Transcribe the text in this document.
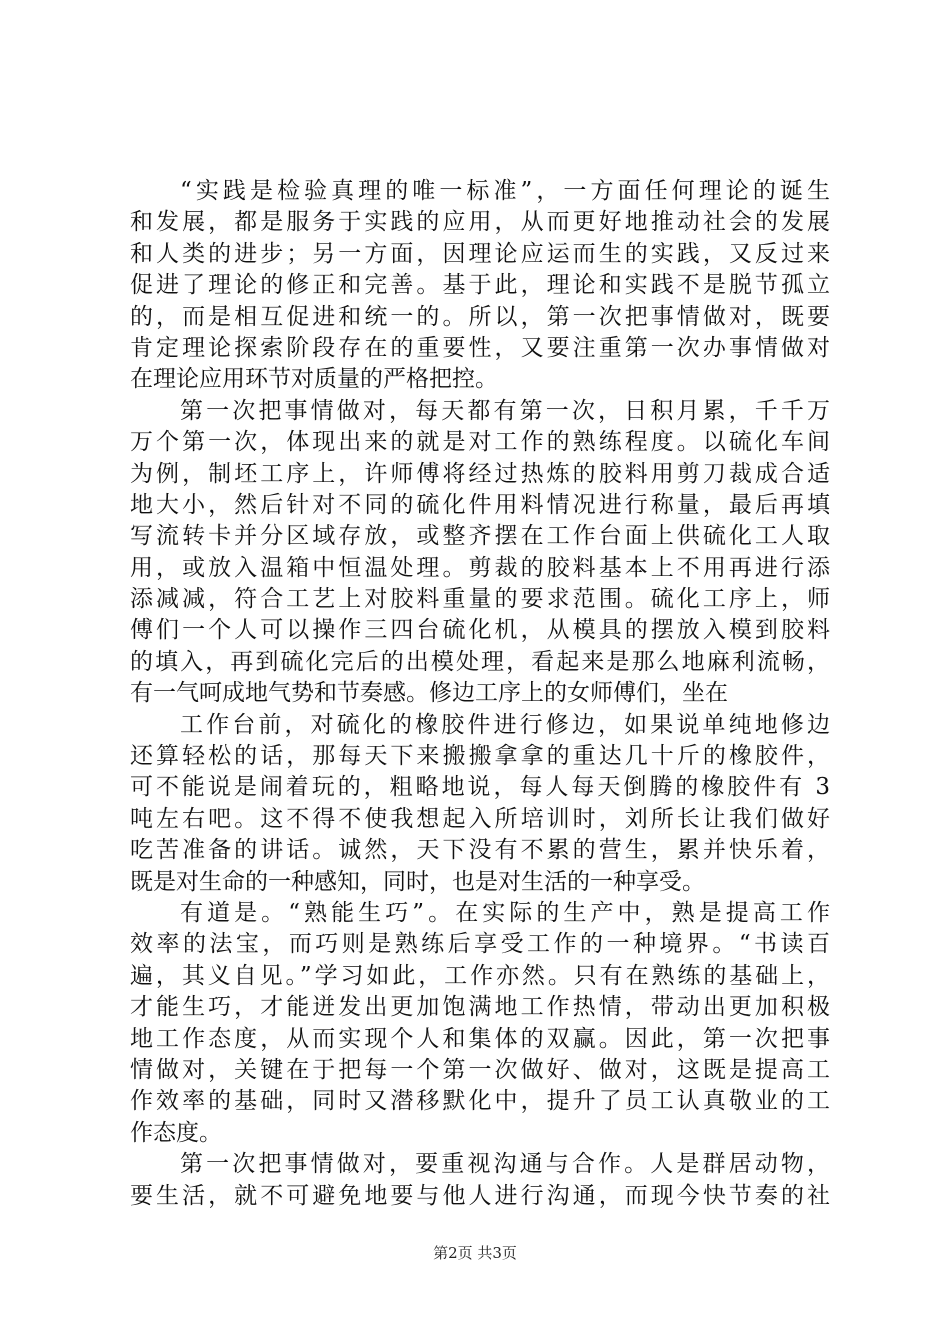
“实践是检验真理的唯一标准”，一方面任何理论的诞生
和发展，都是服务于实践的应用，从而更好地推动社会的发展
和人类的进步；另一方面，因理论应运而生的实践，又反过来
促进了理论的修正和完善。基于此，理论和实践不是脱节孤立
的，而是相互促进和统一的。所以，第一次把事情做对，既要
肯定理论探索阶段存在的重要性，又要注重第一次办事情做对
在理论应用环节对质量的严格把控。
第一次把事情做对，每天都有第一次，日积月累，千千万
万个第一次，体现出来的就是对工作的熟练程度。以硫化车间
为例，制坯工序上，许师傅将经过热炼的胶料用剪刀裁成合适
地大小，然后针对不同的硫化件用料情况进行称量，最后再填
写流转卡并分区域存放，或整齐摆在工作台面上供硫化工人取
用，或放入温箱中恒温处理。剪裁的胶料基本上不用再进行添
添减减，符合工艺上对胶料重量的要求范围。硫化工序上，师
傅们一个人可以操作三四台硫化机，从模具的摆放入模到胶料
的填入，再到硫化完后的出模处理，看起来是那么地麻利流畅，
有一气呵成地气势和节奏感。修边工序上的女师傅们，坐在
工作台前，对硫化的橡胶件进行修边，如果说单纯地修边
还算轻松的话，那每天下来搬搬拿拿的重达几十斤的橡胶件，
可不能说是闹着玩的，粗略地说，每人每天倒腾的橡胶件有 3
吨左右吧。这不得不使我想起入所培训时，刘所长让我们做好
吃苦准备的讲话。诚然，天下没有不累的营生，累并快乐着，
既是对生命的一种感知，同时，也是对生活的一种享受。
有道是。“熟能生巧”。在实际的生产中，熟是提高工作
效率的法宝，而巧则是熟练后享受工作的一种境界。“书读百
遍，其义自见。”学习如此，工作亦然。只有在熟练的基础上，
才能生巧，才能迸发出更加饱满地工作热情，带动出更加积极
地工作态度，从而实现个人和集体的双赢。因此，第一次把事
情做对，关键在于把每一个第一次做好、做对，这既是提高工
作效率的基础，同时又潜移默化中，提升了员工认真敬业的工
作态度。
第一次把事情做对，要重视沟通与合作。人是群居动物，
要生活，就不可避免地要与他人进行沟通，而现今快节奏的社
第2页 共3页
